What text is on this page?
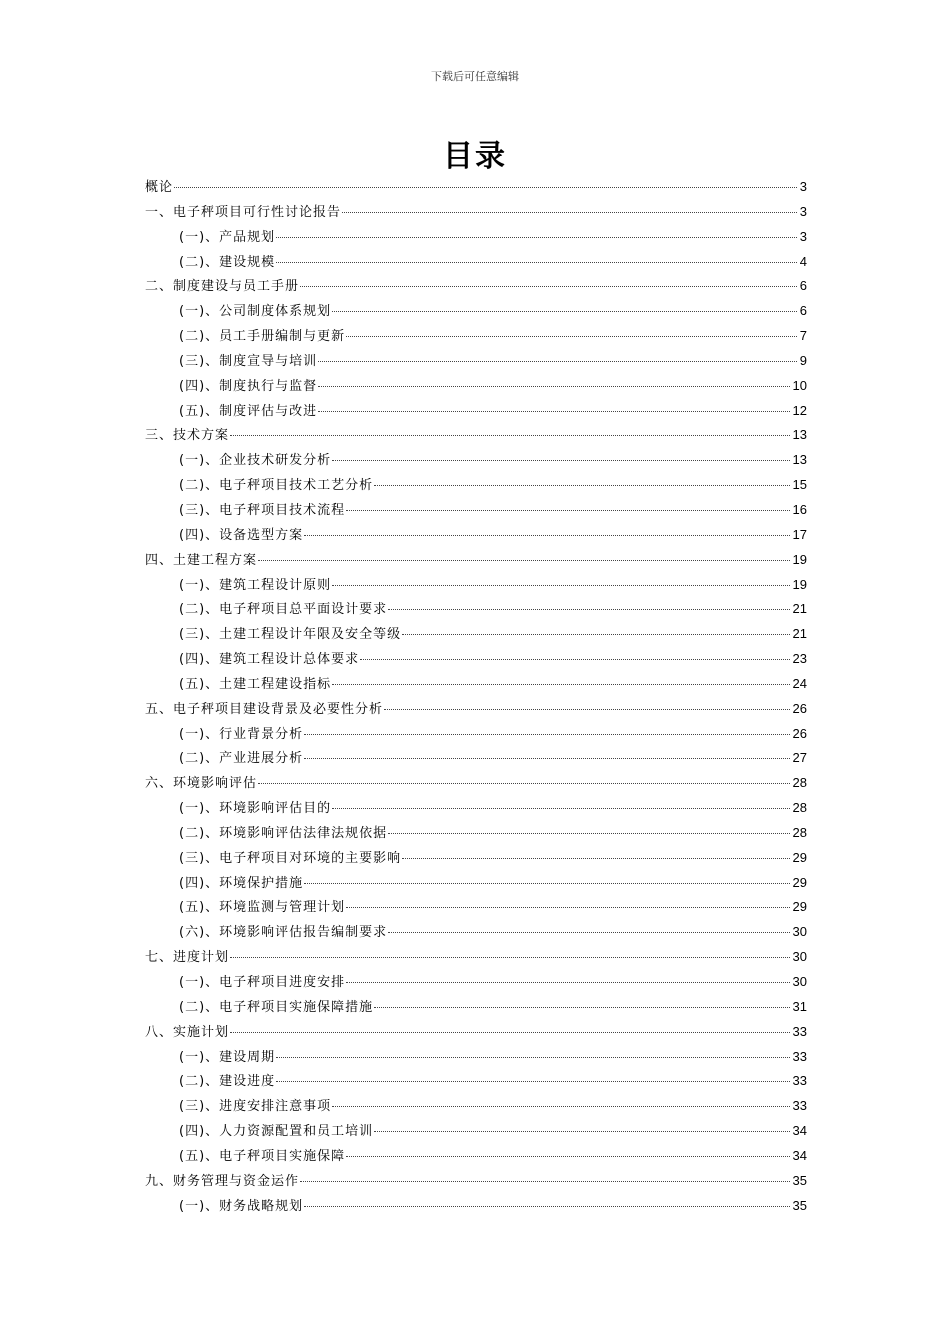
下载后可任意编辑
目录
概论	3
一、电子秤项目可行性讨论报告	3
(一)、产品规划	3
(二)、建设规模	4
二、制度建设与员工手册	6
(一)、公司制度体系规划	6
(二)、员工手册编制与更新	7
(三)、制度宣导与培训	9
(四)、制度执行与监督	10
(五)、制度评估与改进	12
三、技术方案	13
(一)、企业技术研发分析	13
(二)、电子秤项目技术工艺分析	15
(三)、电子秤项目技术流程	16
(四)、设备选型方案	17
四、土建工程方案	19
(一)、建筑工程设计原则	19
(二)、电子秤项目总平面设计要求	21
(三)、土建工程设计年限及安全等级	21
(四)、建筑工程设计总体要求	23
(五)、土建工程建设指标	24
五、电子秤项目建设背景及必要性分析	26
(一)、行业背景分析	26
(二)、产业进展分析	27
六、环境影响评估	28
(一)、环境影响评估目的	28
(二)、环境影响评估法律法规依据	28
(三)、电子秤项目对环境的主要影响	29
(四)、环境保护措施	29
(五)、环境监测与管理计划	29
(六)、环境影响评估报告编制要求	30
七、进度计划	30
(一)、电子秤项目进度安排	30
(二)、电子秤项目实施保障措施	31
八、实施计划	33
(一)、建设周期	33
(二)、建设进度	33
(三)、进度安排注意事项	33
(四)、人力资源配置和员工培训	34
(五)、电子秤项目实施保障	34
九、财务管理与资金运作	35
(一)、财务战略规划	35
